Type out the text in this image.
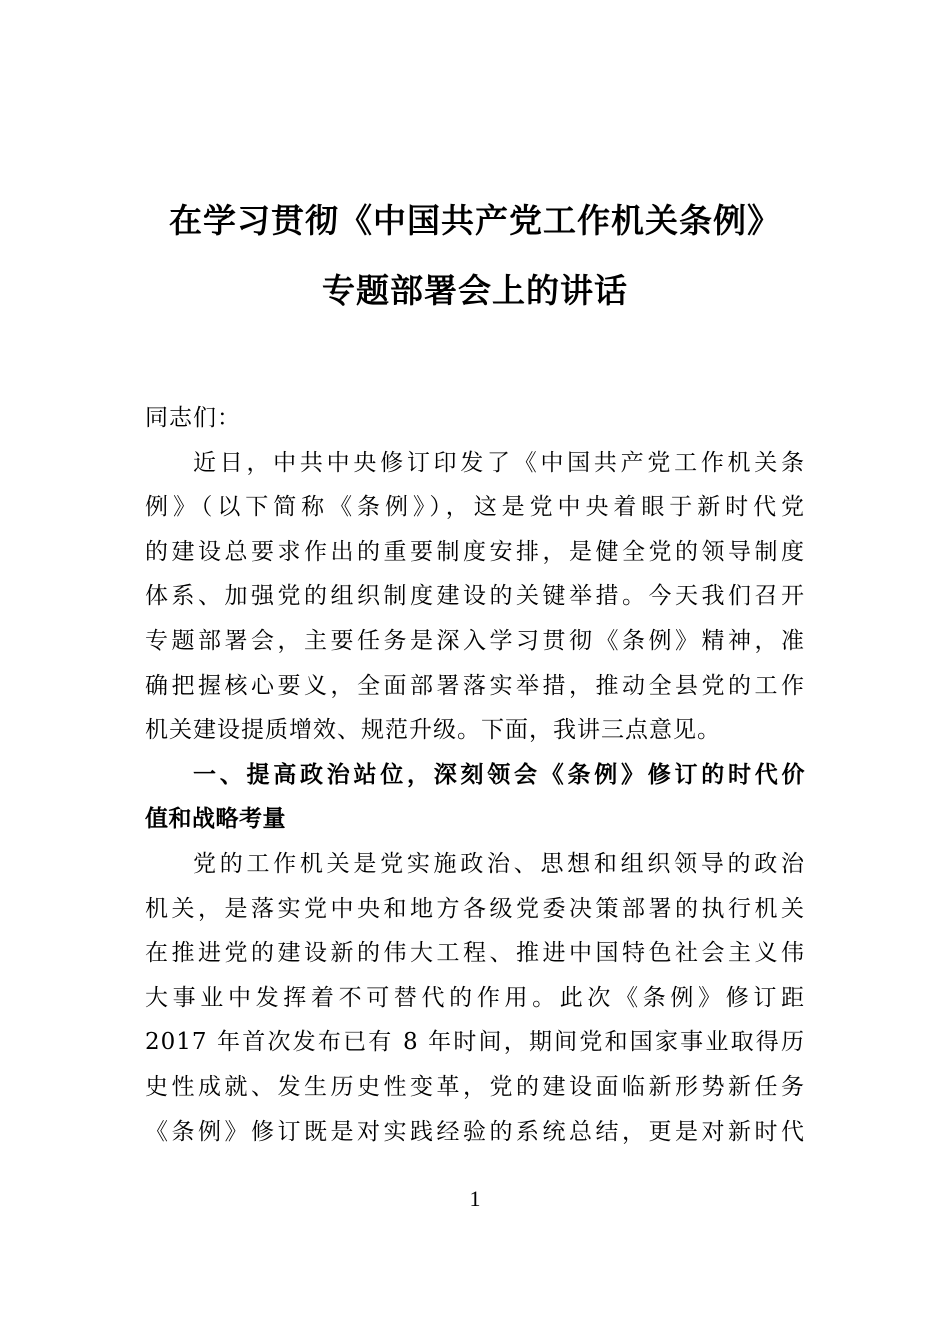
在学习贯彻《中国共产党工作机关条例》
专题部署会上的讲话
同志们：
近日，中共中央修订印发了《中国共产党工作机关条
例》（以下简称《条例》），这是党中央着眼于新时代党
的建设总要求作出的重要制度安排，是健全党的领导制度
体系、加强党的组织制度建设的关键举措。今天我们召开
专题部署会，主要任务是深入学习贯彻《条例》精神，准
确把握核心要义，全面部署落实举措，推动全县党的工作
机关建设提质增效、规范升级。下面，我讲三点意见。
一、提高政治站位，深刻领会《条例》修订的时代价
值和战略考量
党的工作机关是党实施政治、思想和组织领导的政治
机关，是落实党中央和地方各级党委决策部署的执行机关
在推进党的建设新的伟大工程、推进中国特色社会主义伟
大事业中发挥着不可替代的作用。此次《条例》修订距
2017 年首次发布已有 8 年时间，期间党和国家事业取得历
史性成就、发生历史性变革，党的建设面临新形势新任务
《条例》修订既是对实践经验的系统总结，更是对新时代
1
